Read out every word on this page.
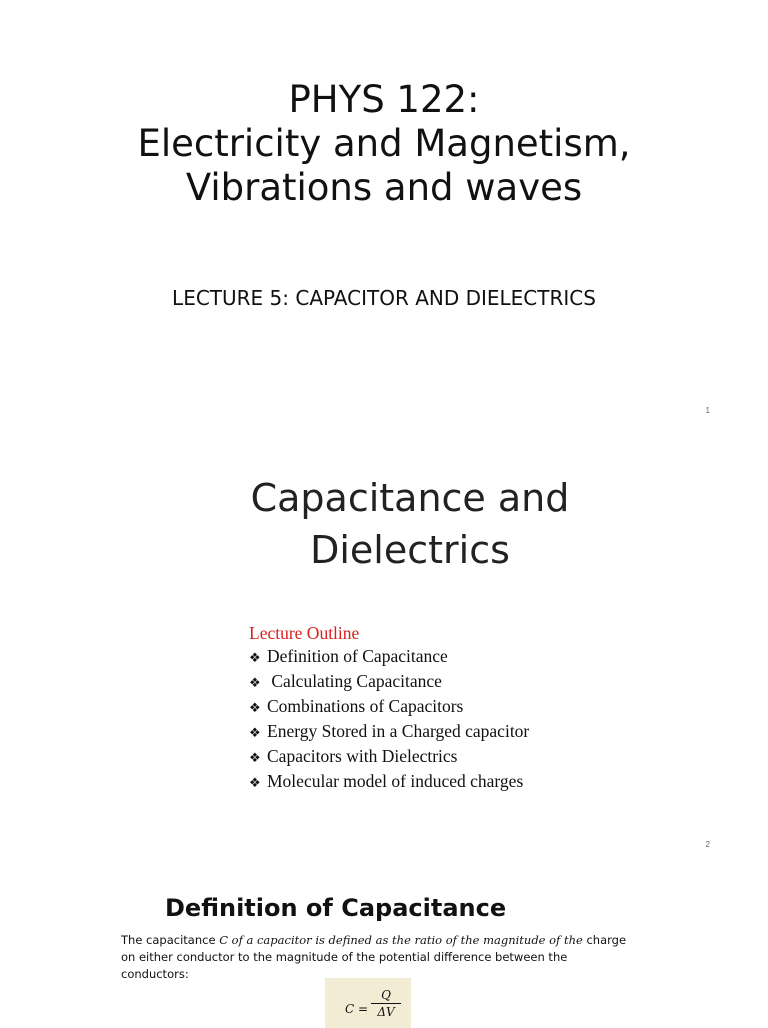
PHYS 122:
Electricity and Magnetism,
Vibrations and waves
LECTURE 5: CAPACITOR AND DIELECTRICS
1
Capacitance and
Dielectrics
Lecture Outline
❖ Definition of Capacitance
❖ Calculating Capacitance
❖ Combinations of Capacitors
❖ Energy Stored in a Charged capacitor
❖ Capacitors with Dielectrics
❖ Molecular model of induced charges
2
Definition of Capacitance
The capacitance C of a capacitor is defined as the ratio of the magnitude of the charge on either conductor to the magnitude of the potential difference between the conductors:
C =
Q
ΔV
